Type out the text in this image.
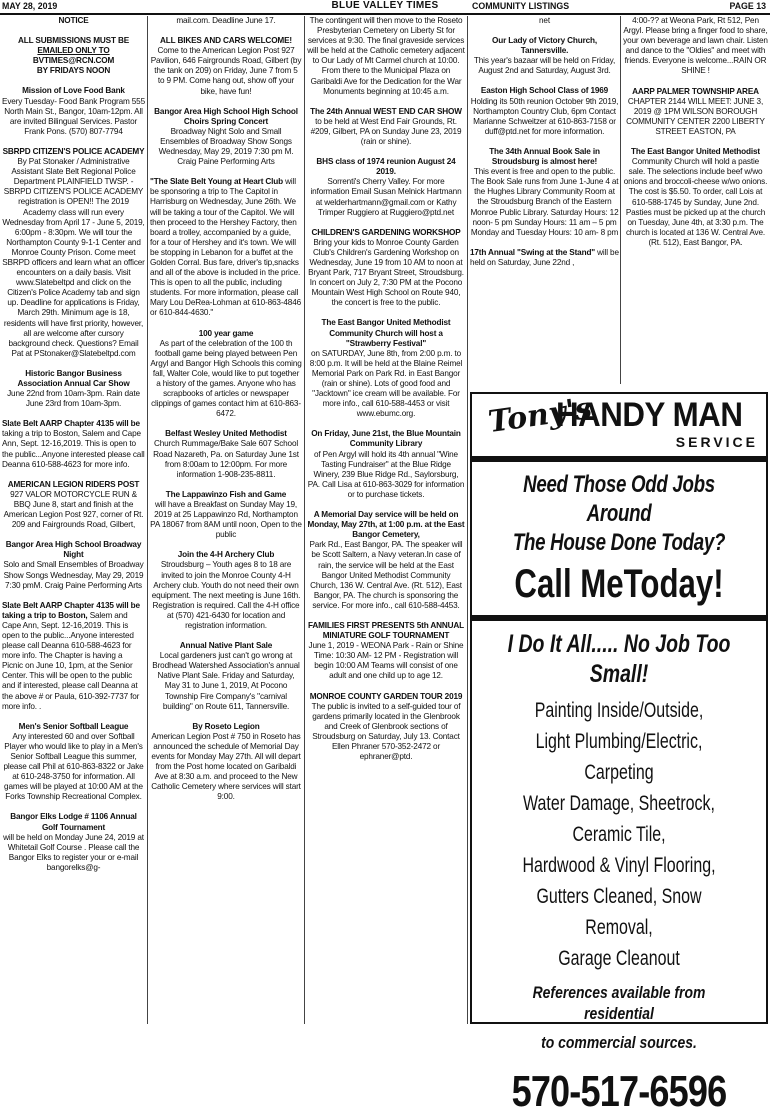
MAY 28, 2019	BLUE VALLEY TIMES	COMMUNITY LISTINGS	PAGE 13
NOTICE
ALL SUBMISSIONS MUST BE
EMAILED ONLY TO
BVTIMES@RCN.COM
BY FRIDAYS NOON
Mission of Love Food Bank
Every Tuesday- Food Bank Program 555 North Main St., Bangor, 10am-12pm. All are invited Bilingual Services. Pastor Frank Pons. (570) 807-7794
SBRPD CITIZEN'S POLICE ACADEMY
By Pat Stonaker / Administrative Assistant Slate Belt Regional Police Department PLAINFIELD TWSP. - SBRPD CITIZEN'S POLICE ACADEMY registration is OPEN!! The 2019 Academy class will run every Wednesday from April 17 - June 5, 2019, 6:00pm - 8:30pm. We will tour the Northampton County 9-1-1 Center and Monroe County Prison. Come meet SBRPD officers and learn what an officer encounters on a daily basis. Visit www.Slatebeltpd and click on the Citizen's Police Academy tab and sign up. Deadline for applications is Friday, March 29th. Minimum age is 18, residents will have first priority, however, all are welcome after cursory background check. Questions? Email Pat at PStonaker@Slatebeltpd.com
Historic Bangor Business Association Annual Car Show
June 22nd from 10am-3pm. Rain date June 23rd from 10am-3pm.
Slate Belt AARP Chapter 4135 will be taking a trip to Boston, Salem and Cape Ann, Sept. 12-16,2019. This is open to the public...Anyone interested please call Deanna 610-588-4623 for more info.
AMERICAN LEGION RIDERS POST
927 VALOR MOTORCYCLE RUN & BBQ June 8, start and finish at the American Legion Post 927, corner of Rt. 209 and Fairgrounds Road, Gilbert,
Bangor Area High School Broadway Night
Solo and Small Ensembles of Broadway Show Songs Wednesday, May 29, 2019 7:30 pmM. Craig Paine Performing Arts
Slate Belt AARP Chapter 4135 will be taking a trip to Boston, Salem and Cape Ann, Sept. 12-16,2019. This is open to the public...Anyone interested please call Deanna 610-588-4623 for more info. The Chapter is having a Picnic on June 10, 1pm, at the Senior Center. This will be open to the public and if interested, please call Deanna at the above # or Paula, 610-392-7737 for more info. .
Men's Senior Softball League
Any interested 60 and over Softball Player who would like to play in a Men's Senior Softball League this summer, please call Phil at 610-863-8322 or Jake at 610-248-3750 for information. All games will be played at 10:00 AM at the Forks Township Recreational Complex.
Bangor Elks Lodge # 1106 Annual Golf Tournament
will be held on Monday June 24, 2019 at Whitetail Golf Course . Please call the Bangor Elks to register your or e-mail bangorelks@g-
mail.com. Deadline June 17.
ALL BIKES AND CARS WELCOME!
Come to the American Legion Post 927 Pavilion, 646 Fairgrounds Road, Gilbert (by the tank on 209) on Friday, June 7 from 5 to 9 PM. Come hang out, show off your bike, have fun!
Bangor Area High School High School Choirs Spring Concert
Broadway Night Solo and Small Ensembles of Broadway Show Songs Wednesday, May 29, 2019 7:30 pm M. Craig Paine Performing Arts
"The Slate Belt Young at Heart Club will be sponsoring a trip to The Capitol in Harrisburg on Wednesday, June 26th. We will be taking a tour of the Capitol. We will then proceed to the Hershey Factory, then board a trolley, accompanied by a guide, for a tour of Hershey and it's town. We will be stopping in Lebanon for a buffet at the Golden Corral. Bus fare, driver's tip,snacks and all of the above is included in the price. This is open to all the public, including students. For more information, please call Mary Lou DeRea-Lohman at 610-863-4846 or 610-844-4630."
100 year game
As part of the celebration of the 100 th football game being played between Pen Argyl and Bangor High Schools this coming fall, Walter Cole, would like to put together a history of the games. Anyone who has scrapbooks of articles or newspaper clippings of games contact him at 610-863-6472.
Belfast Wesley United Methodist
Church Rummage/Bake Sale 607 School Road Nazareth, Pa. on Saturday June 1st from 8:00am to 12:00pm. For more information 1-908-235-8811.
The Lappawinzo Fish and Game
will have a Breakfast on Sunday May 19, 2019 at 25 Lappawinzo Rd, Northampton PA 18067 from 8AM until noon, Open to the public
Join the 4-H Archery Club
Stroudsburg – Youth ages 8 to 18 are invited to join the Monroe County 4-H Archery club. Youth do not need their own equipment. The next meeting is June 16th. Registration is required. Call the 4-H office at (570) 421-6430 for location and registration information.
Annual Native Plant Sale
Local gardeners just can't go wrong at Brodhead Watershed Association's annual Native Plant Sale. Friday and Saturday, May 31 to June 1, 2019, At Pocono Township Fire Company's "carnival building" on Route 611, Tannersville.
By Roseto Legion
American Legion Post # 750 in Roseto has announced the schedule of Memorial Day events for Monday May 27th. All will depart from the Post home located on Garibaldi Ave at 8:30 a.m. and proceed to the New Catholic Cemetery where services will start 9:00.
The contingent will then move to the Roseto Presbyterian Cemetery on Liberty St for services at 9:30. The final graveside services will be held at the Catholic cemetery adjacent to Our Lady of Mt Carmel church at 10:00. From there to the Municipal Plaza on Garibaldi Ave for the Dedication for the War Monuments beginning at 10:45 a.m.
The 24th Annual WEST END CAR SHOW
to be held at West End Fair Grounds, Rt. #209, Gilbert, PA on Sunday June 23, 2019 (rain or shine).
BHS class of 1974 reunion August 24 2019.
Sorrenti's Cherry Valley. For more information Email Susan Melnick Hartmann at welderhartmann@gmail.com or Kathy Trimper Ruggiero at Ruggiero@ptd.net
CHILDREN'S GARDENING WORKSHOP
Bring your kids to Monroe County Garden Club's Children's Gardening Workshop on Wednesday, June 19 from 10 AM to noon at Bryant Park, 717 Bryant Street, Stroudsburg. In concert on July 2, 7:30 PM at the Pocono Mountain West High School on Route 940, the concert is free to the public.
The East Bangor United Methodist Community Church will host a "Strawberry Festival"
on SATURDAY, June 8th, from 2:00 p.m. to 8:00 p.m. It will be held at the Blaine Reimel Memorial Park on Park Rd. in East Bangor (rain or shine). Lots of good food and "Jacktown" ice cream will be available. For more info., call 610-588-4453 or visit www.ebumc.org.
On Friday, June 21st, the Blue Mountain Community Library
of Pen Argyl will hold its 4th annual "Wine Tasting Fundraiser" at the Blue Ridge Winery, 239 Blue Ridge Rd., Saylorsburg, PA. Call Lisa at 610-863-3029 for information or to purchase tickets.
A Memorial Day service will be held on Monday, May 27th, at 1:00 p.m. at the East Bangor Cemetery,
Park Rd., East Bangor, PA. The speaker will be Scott Saltern, a Navy veteran.In case of rain, the service will be held at the East Bangor United Methodist Community Church, 136 W. Central Ave. (Rt. 512), East Bangor, PA. The church is sponsoring the service. For more info., call 610-588-4453.
FAMILIES FIRST PRESENTS 5th ANNUAL MINIATURE GOLF TOURNAMENT
June 1, 2019 - WEONA Park - Rain or Shine Time: 10:30 AM- 12 PM - Registration will begin 10:00 AM Teams will consist of one adult and one child up to age 12.
MONROE COUNTY GARDEN TOUR 2019
The public is invited to a self-guided tour of gardens primarily located in the Glenbrook and Creek of Glenbrook sections of Stroudsburg on Saturday, July 13. Contact Ellen Phraner 570-352-2472 or ephraner@ptd.
net
Our Lady of Victory Church, Tannersville.
This year's bazaar will be held on Friday, August 2nd and Saturday, August 3rd.
Easton High School Class of 1969
Holding its 50th reunion October 9th 2019, Northampton Country Club, 6pm Contact Marianne Schweitzer at 610-863-7158 or duff@ptd.net for more information.
The 34th Annual Book Sale in Stroudsburg is almost here!
This event is free and open to the public. The Book Sale runs from June 1-June 4 at the Hughes Library Community Room at the Stroudsburg Branch of the Eastern Monroe Public Library. Saturday Hours: 12 noon- 5 pm Sunday Hours: 11 am – 5 pm Monday and Tuesday Hours: 10 am- 8 pm
17th Annual "Swing at the Stand" will be held on Saturday, June 22nd ,
4:00-?? at Weona Park, Rt 512, Pen Argyl. Please bring a finger food to share, your own beverage and lawn chair. Listen and dance to the "Oldies" and meet with friends. Everyone is welcome...RAIN OR SHINE !
AARP PALMER TOWNSHIP AREA
CHAPTER 2144 WILL MEET: JUNE 3, 2019 @ 1PM WILSON BOROUGH COMMUNITY CENTER 2200 LIBERTY STREET EASTON, PA
The East Bangor United Methodist
Community Church will hold a pastie sale. The selections include beef w/wo onions and broccoli-cheese w/wo onions. The cost is $5.50. To order, call Lois at 610-588-1745 by Sunday, June 2nd. Pasties must be picked up at the church on Tuesday, June 4th, at 3:30 p.m. The church is located at 136 W. Central Ave. (Rt. 512), East Bangor, PA.
Tony's
HANDY MAN
SERVICE
Need Those Odd Jobs Around
The House Done Today?
Call MeToday!
I Do It All..... No Job Too Small!
Painting Inside/Outside,
Light Plumbing/Electric, Carpeting
Water Damage, Sheetrock, Ceramic Tile,
Hardwood & Vinyl Flooring,
Gutters Cleaned, Snow Removal,
Garage Cleanout
References available from residential
to commercial sources.
570-517-6596
